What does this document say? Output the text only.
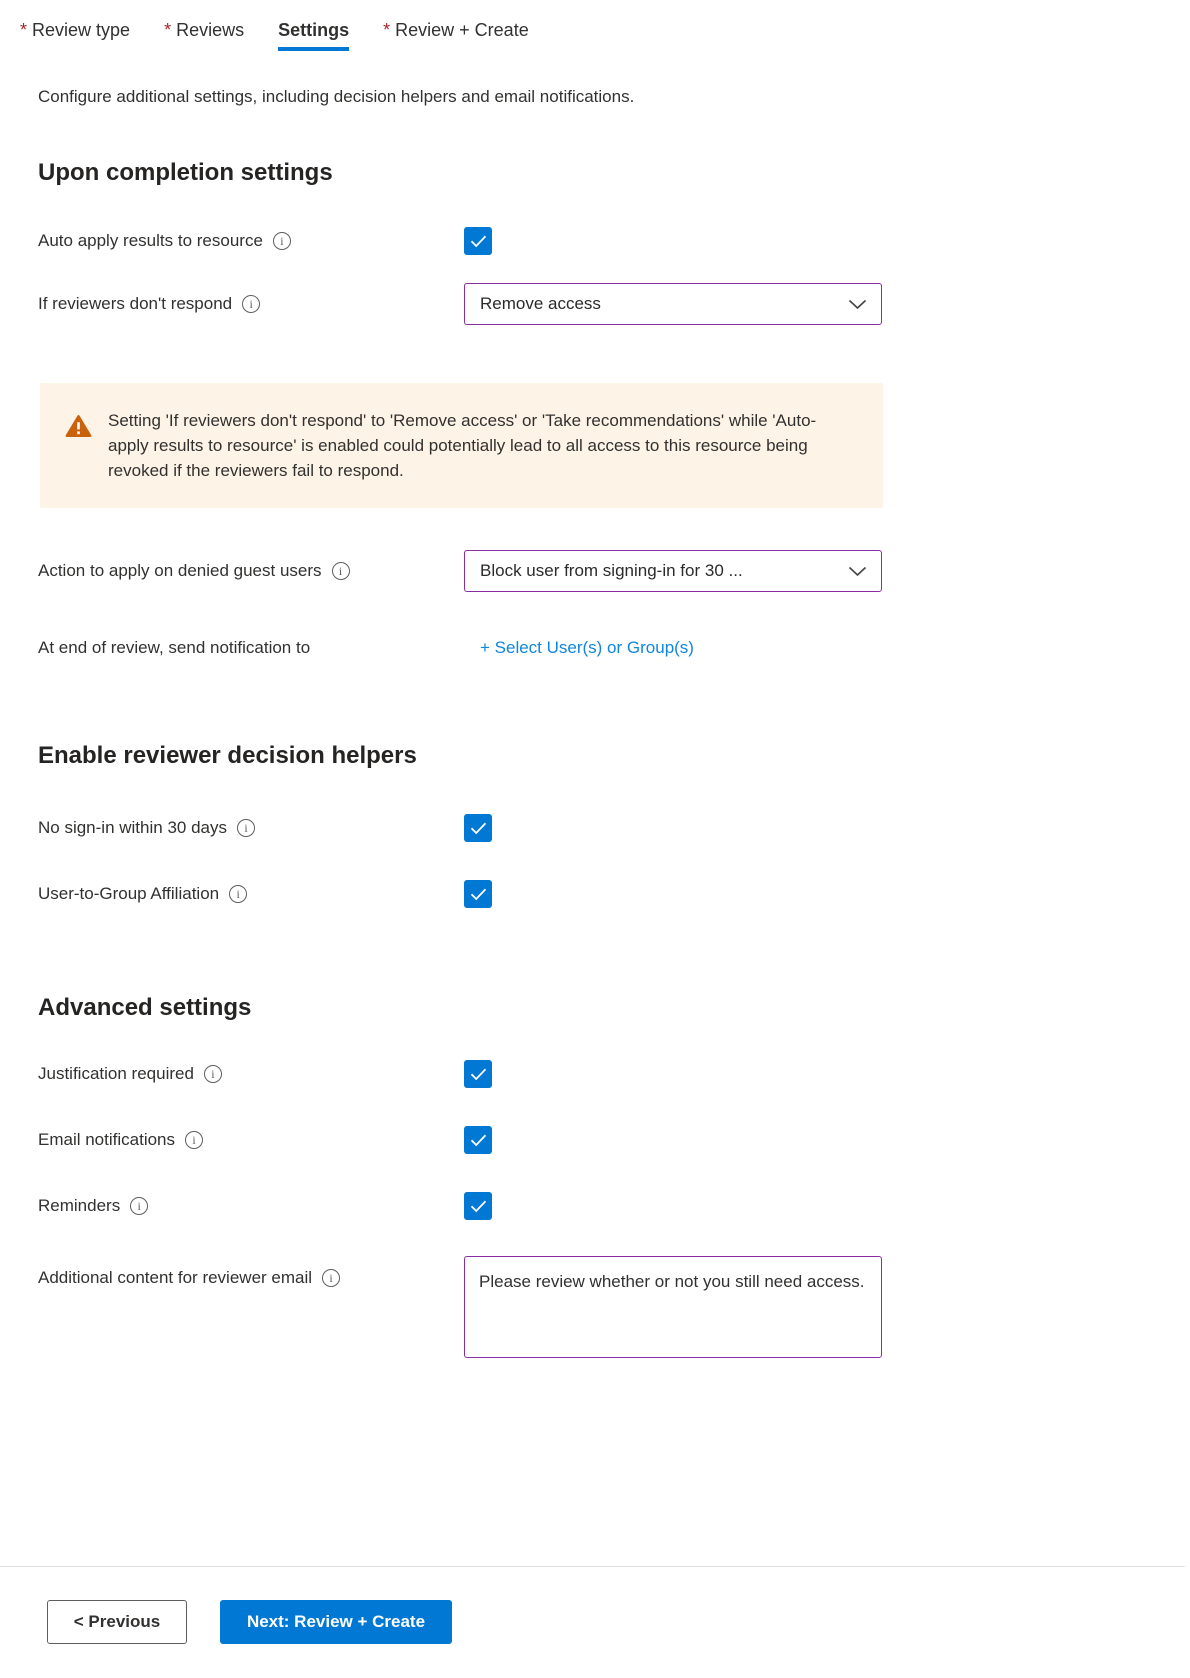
* Review type * Reviews Settings * Review + Create
Configure additional settings, including decision helpers and email notifications.
Upon completion settings
Auto apply results to resource	i
If reviewers don't respond	i	Remove access
Setting 'If reviewers don't respond' to 'Remove access' or 'Take recommendations' while 'Auto-apply results to resource' is enabled could potentially lead to all access to this resource being revoked if the reviewers fail to respond.
Action to apply on denied guest users	i	Block user from signing-in for 30 ...
At end of review, send notification to	+ Select User(s) or Group(s)
Enable reviewer decision helpers
No sign-in within 30 days	i
User-to-Group Affiliation	i
Advanced settings
Justification required	i
Email notifications	i
Reminders	i
Additional content for reviewer email	i
Please review whether or not you still need access.
< Previous	Next: Review + Create
